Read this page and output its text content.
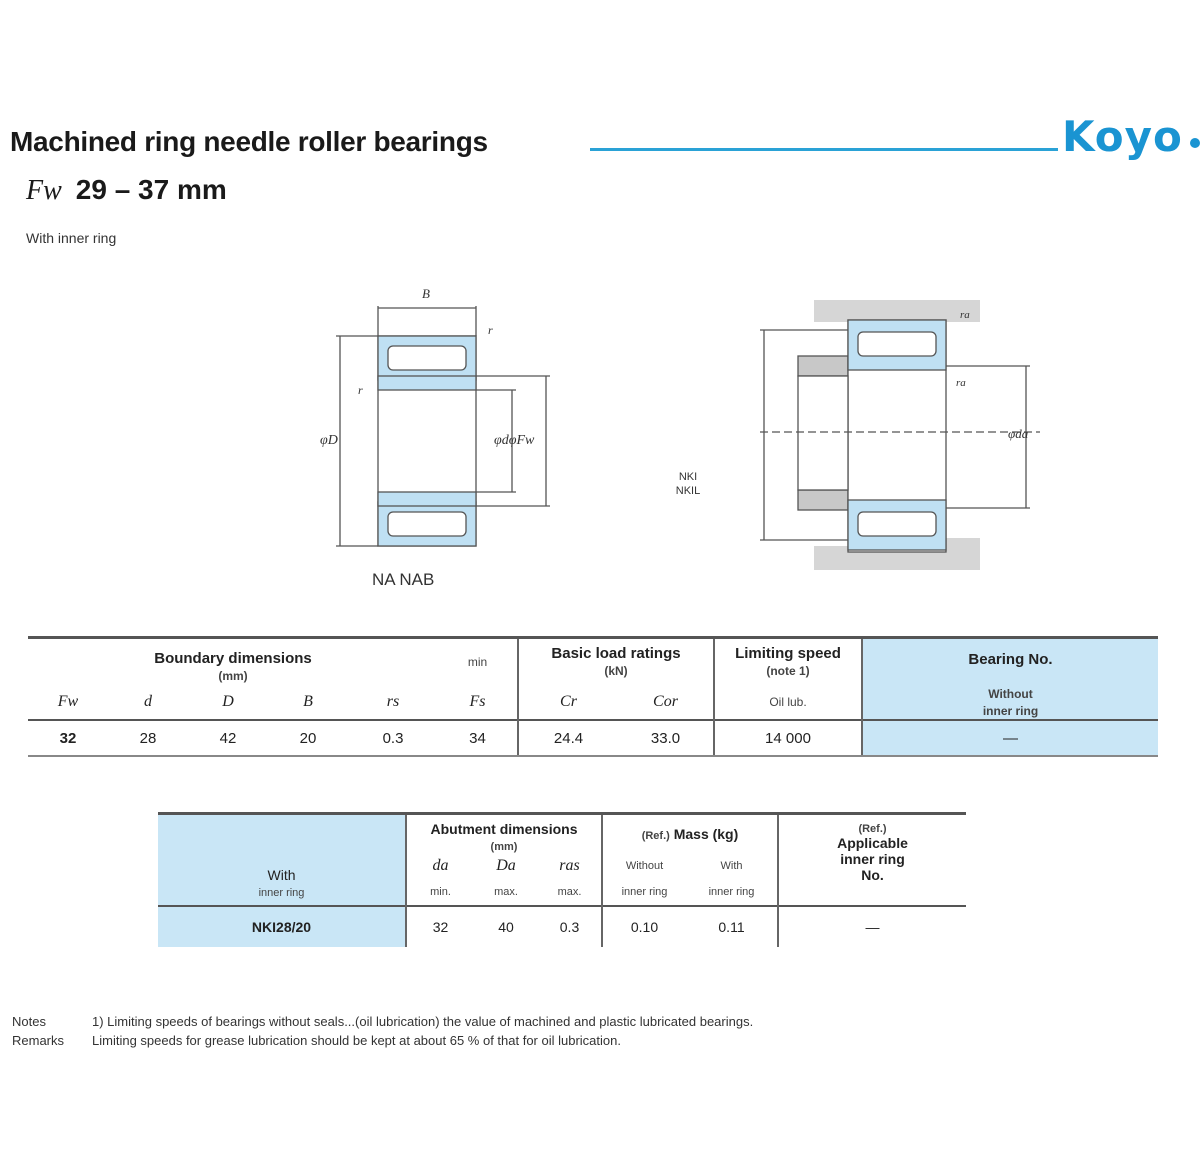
Machined ring needle roller bearings	Koyo
Fw 29 – 37 mm
With inner ring
B
r
r
φD	φdφFw
ra
ra
φda
NKI
NKIL
NA NAB
Boundary dimensions
(mm)					min	Basic load ratings
(kN)		Limiting speed
(note 1)	Bearing No.

Without
inner ring
Fw	d	D	B	rs	Fs	Cr	Cor	Oil lub.	
32	28	42	20	0.3	34	24.4	33.0	14 000	—
With
inner ring	Abutment dimensions
(mm)			(Ref.) Mass (kg)		(Ref.)
Applicable
inner ring
No.
	da	Da	ras	Without	With	
	min.	max.	max.	inner ring	inner ring	
NKI28/20	32	40	0.3	0.10	0.11	—
Notes	1) Limiting speeds of bearings without seals...(oil lubrication) the value of machined and plastic lubricated bearings.
Remarks Limiting speeds for grease lubrication should be kept at about 65 % of that for oil lubrication.
